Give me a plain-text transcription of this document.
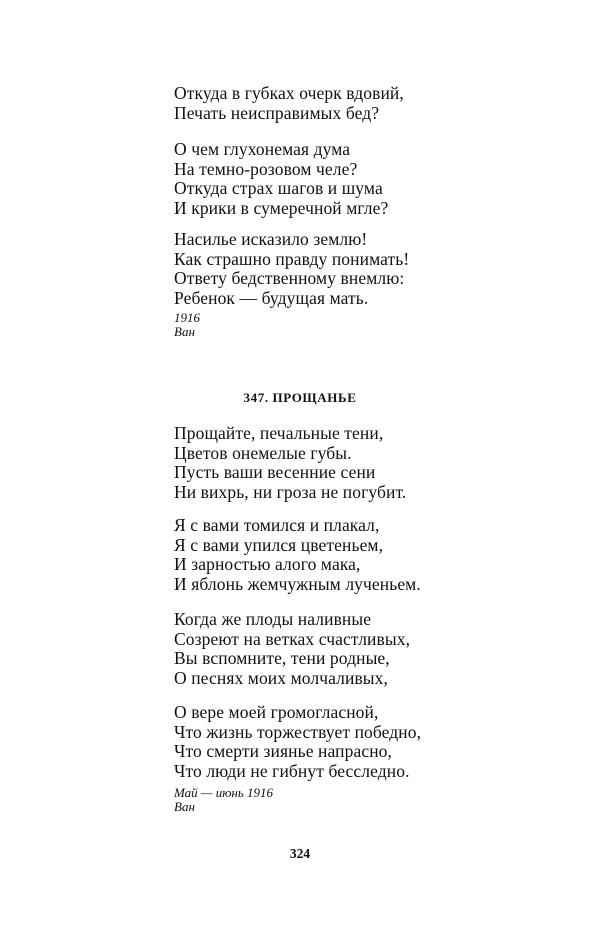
Откуда в губках очерк вдовий,
Печать неисправимых бед?
О чем глухонемая дума
На темно-розовом челе?
Откуда страх шагов и шума
И крики в сумеречной мгле?
Насилье исказило землю!
Как страшно правду понимать!
Ответу бедственному внемлю:
Ребенок — будущая мать.
1916
Ван
347. ПРОЩАНЬЕ
Прощайте, печальные тени,
Цветов онемелые губы.
Пусть ваши весенние сени
Ни вихрь, ни гроза не погубит.
Я с вами томился и плакал,
Я с вами упился цветеньем,
И зарностью алого мака,
И яблонь жемчужным лученьем.
Когда же плоды наливные
Созреют на ветках счастливых,
Вы вспомните, тени родные,
О песнях моих молчаливых,
О вере моей громогласной,
Что жизнь торжествует победно,
Что смерти зиянье напрасно,
Что люди не гибнут бесследно.
Май — июнь 1916
Ван
324
